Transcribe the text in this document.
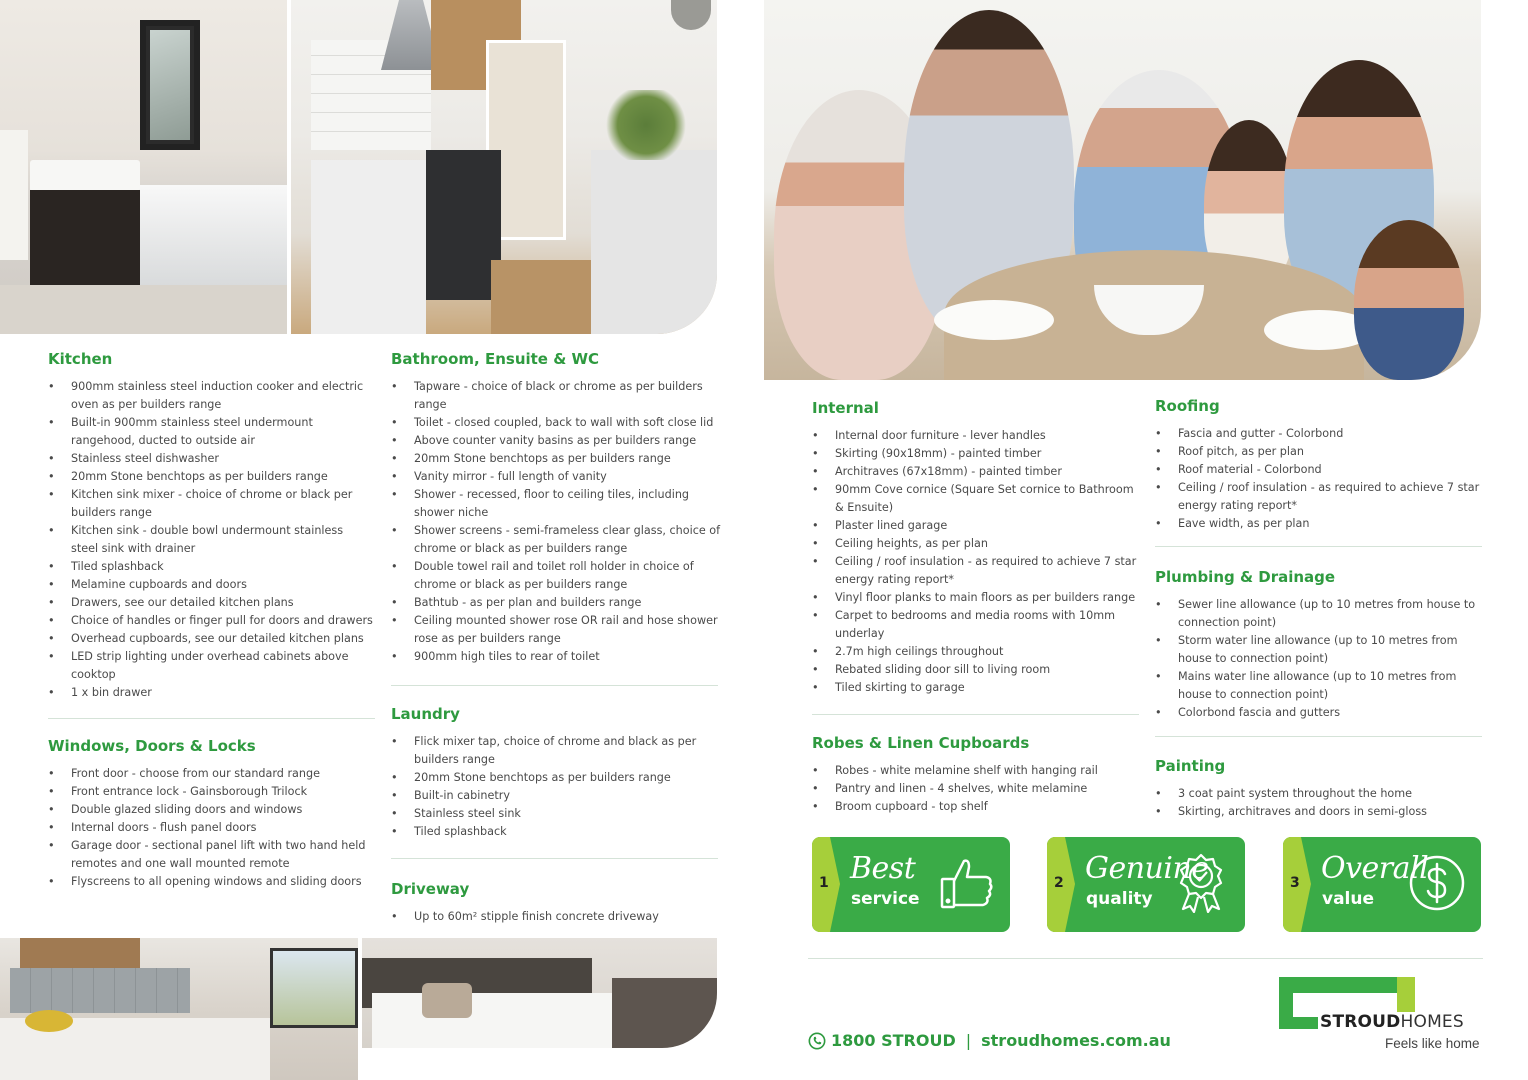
Kitchen
• 900mm stainless steel induction cooker and electric oven as per builders range
• Built-in 900mm stainless steel undermount rangehood, ducted to outside air
• Stainless steel dishwasher
• 20mm Stone benchtops as per builders range
• Kitchen sink mixer - choice of chrome or black per builders range
• Kitchen sink - double bowl undermount stainless steel sink with drainer
• Tiled splashback
• Melamine cupboards and doors
• Drawers, see our detailed kitchen plans
• Choice of handles or finger pull for doors and drawers
• Overhead cupboards, see our detailed kitchen plans
• LED strip lighting under overhead cabinets above cooktop
• 1 x bin drawer
Windows, Doors & Locks
• Front door - choose from our standard range
• Front entrance lock - Gainsborough Trilock
• Double glazed sliding doors and windows
• Internal doors - flush panel doors
• Garage door - sectional panel lift with two hand held remotes and one wall mounted remote
• Flyscreens to all opening windows and sliding doors
Bathroom, Ensuite & WC
• Tapware - choice of black or chrome as per builders range
• Toilet - closed coupled, back to wall with soft close lid
• Above counter vanity basins as per builders range
• 20mm Stone benchtops as per builders range
• Vanity mirror - full length of vanity
• Shower - recessed, floor to ceiling tiles, including shower niche
• Shower screens - semi-frameless clear glass, choice of chrome or black as per builders range
• Double towel rail and toilet roll holder in choice of chrome or black as per builders range
• Bathtub - as per plan and builders range
• Ceiling mounted shower rose OR rail and hose shower rose as per builders range
• 900mm high tiles to rear of toilet
Laundry
• Flick mixer tap, choice of chrome and black as per builders range
• 20mm Stone benchtops as per builders range
• Built-in cabinetry
• Stainless steel sink
• Tiled splashback
Driveway
• Up to 60m² stipple finish concrete driveway
Internal
• Internal door furniture - lever handles
• Skirting (90x18mm) - painted timber
• Architraves (67x18mm) - painted timber
• 90mm Cove cornice (Square Set cornice to Bathroom & Ensuite)
• Plaster lined garage
• Ceiling heights, as per plan
• Ceiling / roof insulation - as required to achieve 7 star energy rating report*
• Vinyl floor planks to main floors as per builders range
• Carpet to bedrooms and media rooms with 10mm underlay
• 2.7m high ceilings throughout
• Rebated sliding door sill to living room
• Tiled skirting to garage
Robes & Linen Cupboards
• Robes - white melamine shelf with hanging rail
• Pantry and linen - 4 shelves, white melamine
• Broom cupboard - top shelf
Roofing
• Fascia and gutter - Colorbond
• Roof pitch, as per plan
• Roof material - Colorbond
• Ceiling / roof insulation - as required to achieve 7 star energy rating report*
• Eave width, as per plan
Plumbing & Drainage
• Sewer line allowance (up to 10 metres from house to connection point)
• Storm water line allowance (up to 10 metres from house to connection point)
• Mains water line allowance (up to 10 metres from house to connection point)
• Colorbond fascia and gutters
Painting
• 3 coat paint system throughout the home
• Skirting, architraves and doors in semi-gloss
1 Best
service
2 Genuine
quality
3 Overall
value
1800 STROUD | stroudhomes.com.au
STROUDHOMES
Feels like home
